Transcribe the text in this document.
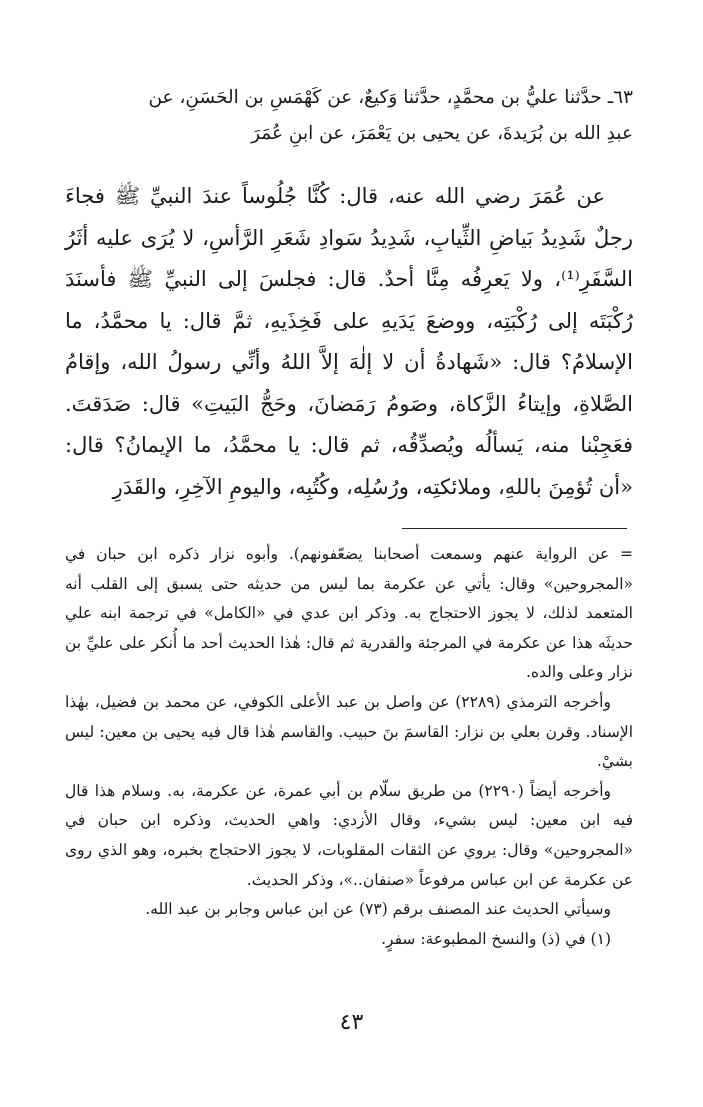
٦٣ـ حدَّثنا عليُّ بن محمَّدٍ، حدَّثنا وَكيعٌ، عن كَهْمَسِ بن الحَسَنِ، عن
عبدِ الله بن بُرَيدةَ، عن يحيى بن يَعْمَرَ، عن ابنِ عُمَرَ
عن عُمَرَ رضي الله عنه، قال: كُنَّا جُلُوساً عندَ النبيِّ ﷺ فجاءَ رجلٌ شَدِيدُ بَياضِ الثِّيابِ، شَدِيدُ سَوادِ شَعَرِ الرَّأسِ، لا يُرَى عليه أثَرُ السَّفَرِ⁽¹⁾، ولا يَعرِفُه مِنَّا أحدٌ. قال: فجلسَ إلى النبيِّ ﷺ فأسنَدَ رُكْبَتَه إلى رُكْبَتِه، ووضعَ يَدَيهِ على فَخِذَيهِ، ثمَّ قال: يا محمَّدُ، ما الإسلامُ؟ قال: «شَهادةُ أن لا إلٰهَ إلاَّ اللهُ وأنِّي رسولُ الله، وإقامُ الصَّلاةِ، وإيتاءُ الزَّكاة، وصَومُ رَمَضانَ، وحَجُّ البَيتِ» قال: صَدَقتَ. فعَجِبْنا منه، يَسألُه ويُصدِّقُه، ثم قال: يا محمَّدُ، ما الإيمانُ؟ قال: «أن تُؤمِنَ باللهِ، وملائكتِه، ورُسُلِه، وكُتُبِه، واليومِ الآخِرِ، والقَدَرِ

= عن الرواية عنهم وسمعت أصحابنا يضعّفونهم). وأبوه نزار ذكره ابن حبان في «المجروحين» وقال: يأتي عن عكرمة بما ليس من حديثه حتى يسبق إلى القلب أنه المتعمد لذلك، لا يجوز الاحتجاج به. وذكر ابن عدي في «الكامل» في ترجمة ابنه علي حديثَه هذا عن عكرمة في المرجئة والقدرية ثم قال: هٰذا الحديث أحد ما أُنكر على عليِّ بن نزار وعلى والده.

وأخرجه الترمذي (٢٢٨٩) عن واصل بن عبد الأعلى الكوفي، عن محمد بن فضيل، بهٰذا الإسناد. وقرن بعلي بن نزار: القاسمَ بنَ حبيب. والقاسم هٰذا قال فيه يحيى بن معين: ليس بشيْ.

وأخرجه أيضاً (٢٢٩٠) من طريق سلّام بن أبي عمرة، عن عكرمة، به. وسلام هذا قال فيه ابن معين: ليس بشيء، وقال الأزدي: واهي الحديث، وذكره ابن حبان في «المجروحين» وقال: يروي عن الثقات المقلوبات، لا يجوز الاحتجاج بخبره، وهو الذي روى عن عكرمة عن ابن عباس مرفوعاً «صنفان..»، وذكر الحديث.

وسيأتي الحديث عند المصنف برقم (٧٣) عن ابن عباس وجابر بن عبد الله.

(١) في (ذ) والنسخ المطبوعة: سفرٍ.

٤٣
